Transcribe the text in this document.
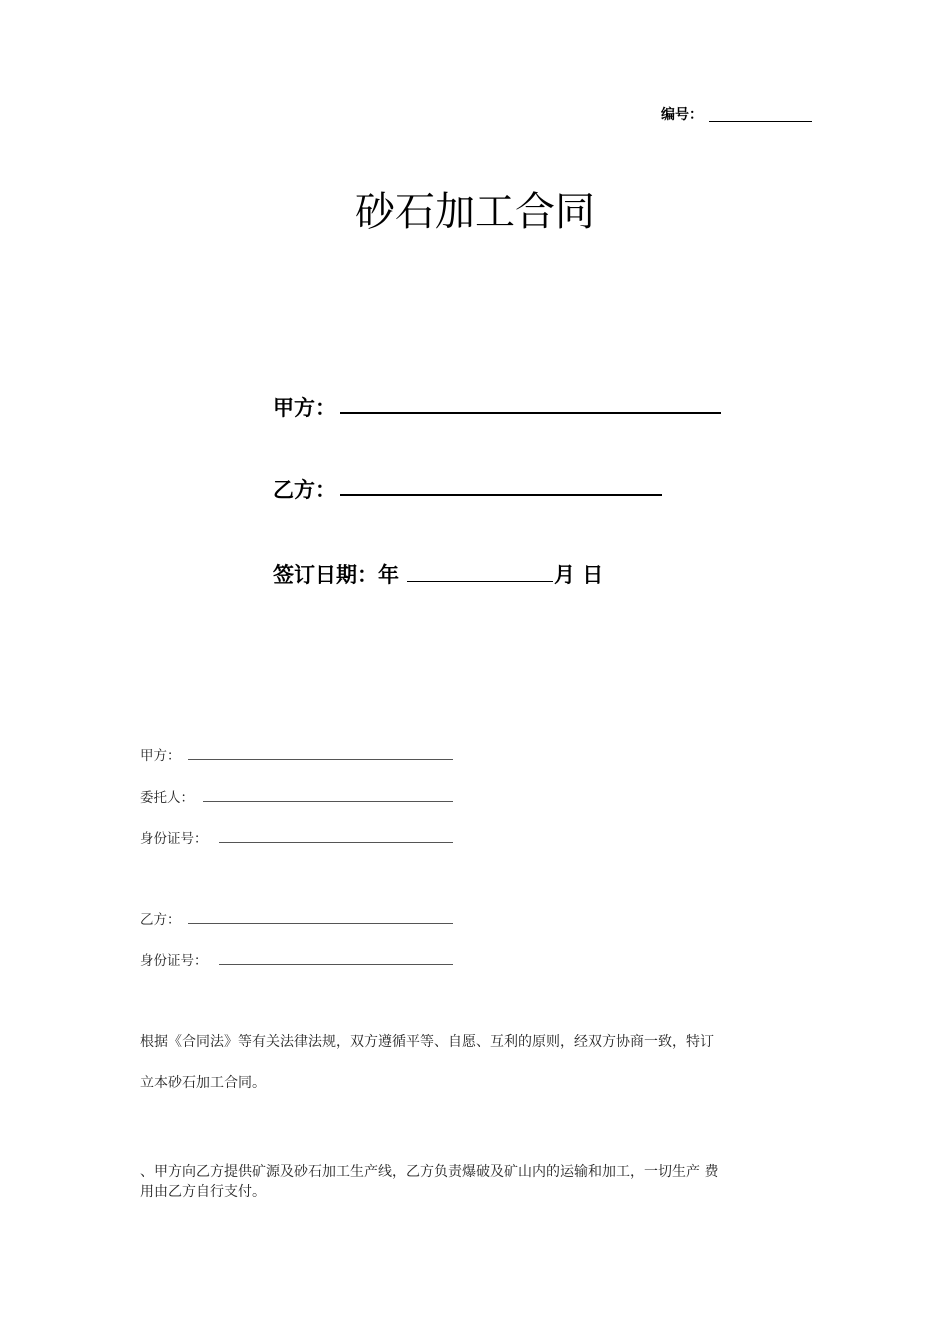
编号：
砂石加工合同
甲方：
乙方：
签订日期：年	月 日
甲方：
委托人：
身份证号：
乙方：
身份证号：
根据《合同法》等有关法律法规，双方遵循平等、自愿、互利的原则，经双方协商一致，特订
立本砂石加工合同。
、甲方向乙方提供矿源及砂石加工生产线，乙方负责爆破及矿山内的运输和加工，一切生产 费
用由乙方自行支付。
